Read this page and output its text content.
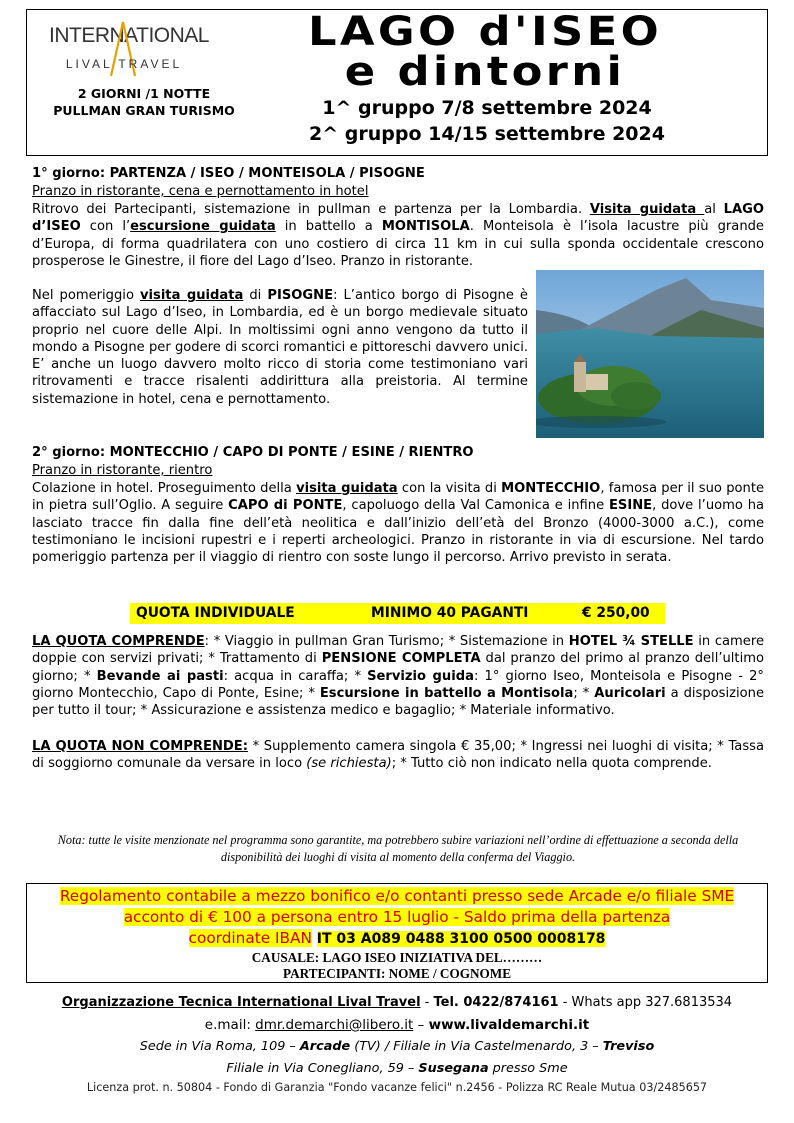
INTERNATIONAL
LIVAL TRAVEL
2 GIORNI /1 NOTTE PULLMAN GRAN TURISMO
LAGO d'ISEO
e dintorni
1^ gruppo 7/8 settembre 2024
2^ gruppo 14/15 settembre 2024
1° giorno: PARTENZA / ISEO / MONTEISOLA / PISOGNE
Pranzo in ristorante, cena e pernottamento in hotel
Ritrovo dei Partecipanti, sistemazione in pullman e partenza per la Lombardia. Visita guidata al LAGO d’ISEO con l’escursione guidata in battello a MONTISOLA. Monteisola è l’isola lacustre più grande d’Europa, di forma quadrilatera con uno costiero di circa 11 km in cui sulla sponda occidentale crescono prosperose le Ginestre, il fiore del Lago d’Iseo. Pranzo in ristorante.
Nel pomeriggio visita guidata di PISOGNE: L’antico borgo di Pisogne è affacciato sul Lago d’Iseo, in Lombardia, ed è un borgo medievale situato proprio nel cuore delle Alpi. In moltissimi ogni anno vengono da tutto il mondo a Pisogne per godere di scorci romantici e pittoreschi davvero unici. E’ anche un luogo davvero molto ricco di storia come testimoniano vari ritrovamenti e tracce risalenti addirittura alla preistoria. Al termine sistemazione in hotel, cena e pernottamento.
2° giorno: MONTECCHIO / CAPO DI PONTE / ESINE / RIENTRO
Pranzo in ristorante, rientro
Colazione in hotel. Proseguimento della visita guidata con la visita di MONTECCHIO, famosa per il suo ponte in pietra sull’Oglio. A seguire CAPO di PONTE, capoluogo della Val Camonica e infine ESINE, dove l’uomo ha lasciato tracce fin dalla fine dell’età neolitica e dall’inizio dell’età del Bronzo (4000-3000 a.C.), come testimoniano le incisioni rupestri e i reperti archeologici. Pranzo in ristorante in via di escursione. Nel tardo pomeriggio partenza per il viaggio di rientro con soste lungo il percorso. Arrivo previsto in serata.
QUOTA INDIVIDUALE	MINIMO 40 PAGANTI	€ 250,00
LA QUOTA COMPRENDE: * Viaggio in pullman Gran Turismo; * Sistemazione in HOTEL ¾ STELLE in camere doppie con servizi privati; * Trattamento di PENSIONE COMPLETA dal pranzo del primo al pranzo dell’ultimo giorno; * Bevande ai pasti: acqua in caraffa; * Servizio guida: 1° giorno Iseo, Monteisola e Pisogne - 2° giorno Montecchio, Capo di Ponte, Esine; * Escursione in battello a Montisola; * Auricolari a disposizione per tutto il tour; * Assicurazione e assistenza medico e bagaglio; * Materiale informativo.
LA QUOTA NON COMPRENDE: * Supplemento camera singola € 35,00; * Ingressi nei luoghi di visita; * Tassa di soggiorno comunale da versare in loco (se richiesta); * Tutto ciò non indicato nella quota comprende.
Nota: tutte le visite menzionate nel programma sono garantite, ma potrebbero subire variazioni nell’ordine di effettuazione a seconda della disponibilità dei luoghi di visita al momento della conferma del Viaggio.
Regolamento contabile a mezzo bonifico e/o contanti presso sede Arcade e/o filiale SME
acconto di € 100 a persona entro 15 luglio - Saldo prima della partenza
coordinate IBAN IT 03 A089 0488 3100 0500 0008178
CAUSALE: LAGO ISEO INIZIATIVA DEL………
PARTECIPANTI: NOME / COGNOME
Organizzazione Tecnica International Lival Travel - Tel. 0422/874161 - Whats app 327.6813534
e.mail: dmr.demarchi@libero.it – www.livaldemarchi.it
Sede in Via Roma, 109 – Arcade (TV) / Filiale in Via Castelmenardo, 3 – Treviso
Filiale in Via Conegliano, 59 – Susegana presso Sme
Licenza prot. n. 50804 - Fondo di Garanzia "Fondo vacanze felici" n.2456 - Polizza RC Reale Mutua 03/2485657
